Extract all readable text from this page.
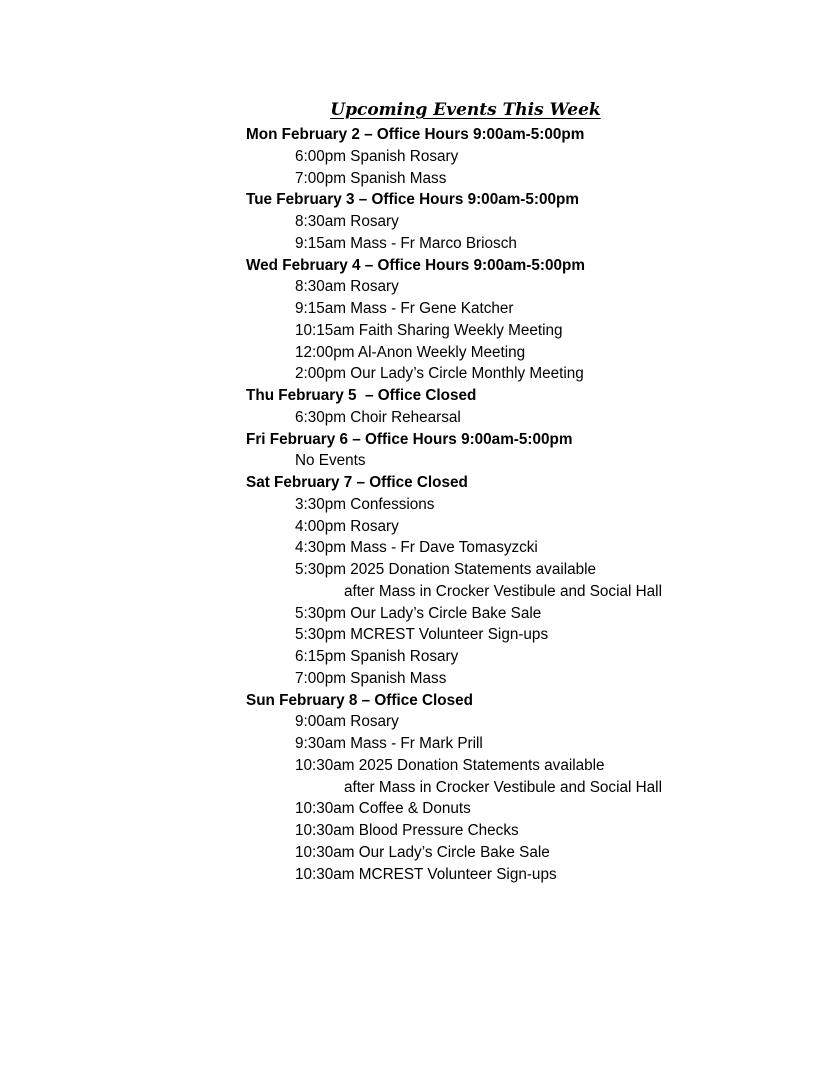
Upcoming Events This Week
Mon February 2 – Office Hours 9:00am-5:00pm
6:00pm Spanish Rosary
7:00pm Spanish Mass
Tue February 3 – Office Hours 9:00am-5:00pm
8:30am Rosary
9:15am Mass - Fr Marco Briosch
Wed February 4 – Office Hours 9:00am-5:00pm
8:30am Rosary
9:15am Mass - Fr Gene Katcher
10:15am Faith Sharing Weekly Meeting
12:00pm Al-Anon Weekly Meeting
2:00pm Our Lady’s Circle Monthly Meeting
Thu February 5  – Office Closed
6:30pm Choir Rehearsal
Fri February 6 – Office Hours 9:00am-5:00pm
No Events
Sat February 7 – Office Closed
3:30pm Confessions
4:00pm Rosary
4:30pm Mass - Fr Dave Tomasyzcki
5:30pm 2025 Donation Statements available
after Mass in Crocker Vestibule and Social Hall
5:30pm Our Lady’s Circle Bake Sale
5:30pm MCREST Volunteer Sign-ups
6:15pm Spanish Rosary
7:00pm Spanish Mass
Sun February 8 – Office Closed
9:00am Rosary
9:30am Mass - Fr Mark Prill
10:30am 2025 Donation Statements available
after Mass in Crocker Vestibule and Social Hall
10:30am Coffee & Donuts
10:30am Blood Pressure Checks
10:30am Our Lady’s Circle Bake Sale
10:30am MCREST Volunteer Sign-ups
